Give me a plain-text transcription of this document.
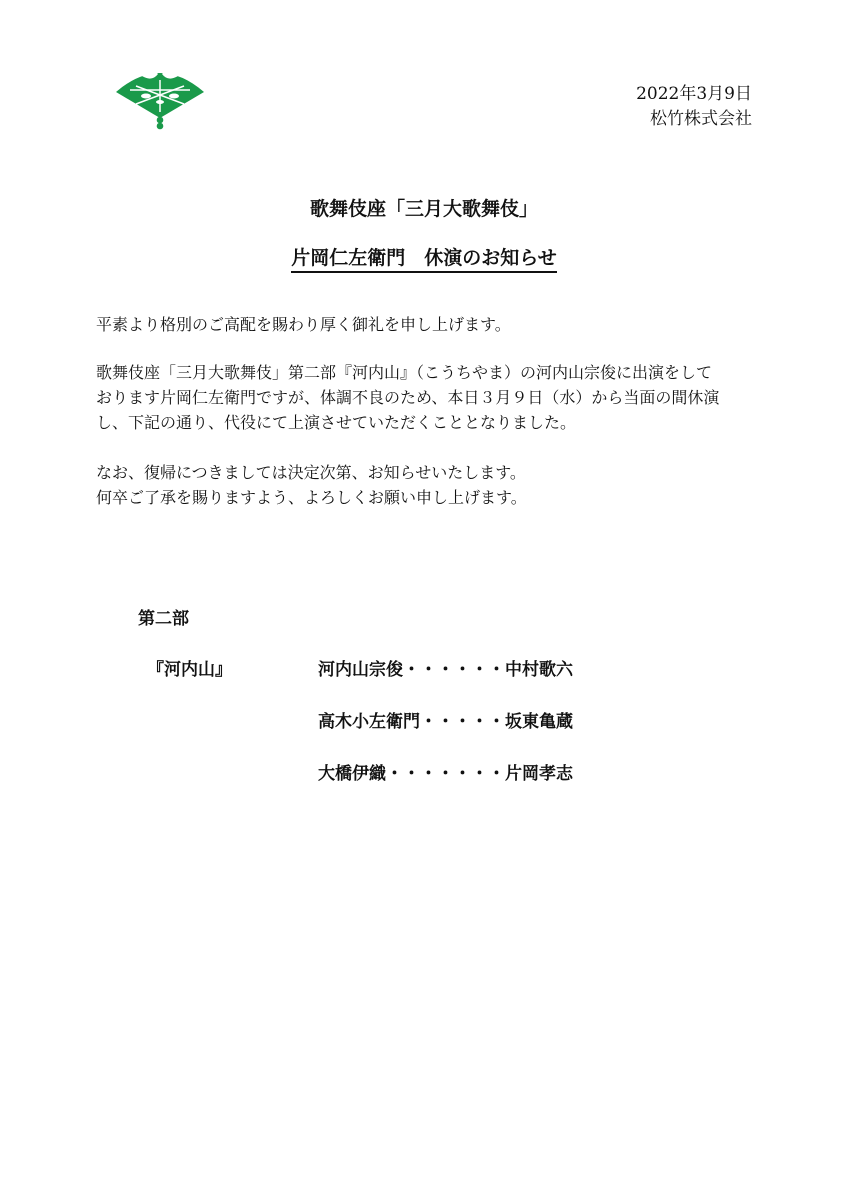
2022年3月9日
松竹株式会社
歌舞伎座「三月大歌舞伎」
片岡仁左衛門　休演のお知らせ
平素より格別のご高配を賜わり厚く御礼を申し上げます。
歌舞伎座「三月大歌舞伎」第二部『河内山』（こうちやま）の河内山宗俊に出演をして
おります片岡仁左衛門ですが、体調不良のため、本日３月９日（水）から当面の間休演
し、下記の通り、代役にて上演させていただくこととなりました。
なお、復帰につきましては決定次第、お知らせいたします。
何卒ご了承を賜りますよう、よろしくお願い申し上げます。
第二部
『河内山』	河内山宗俊・・・・・・中村歌六
高木小左衛門・・・・・坂東亀蔵
大橋伊織・・・・・・・片岡孝志
